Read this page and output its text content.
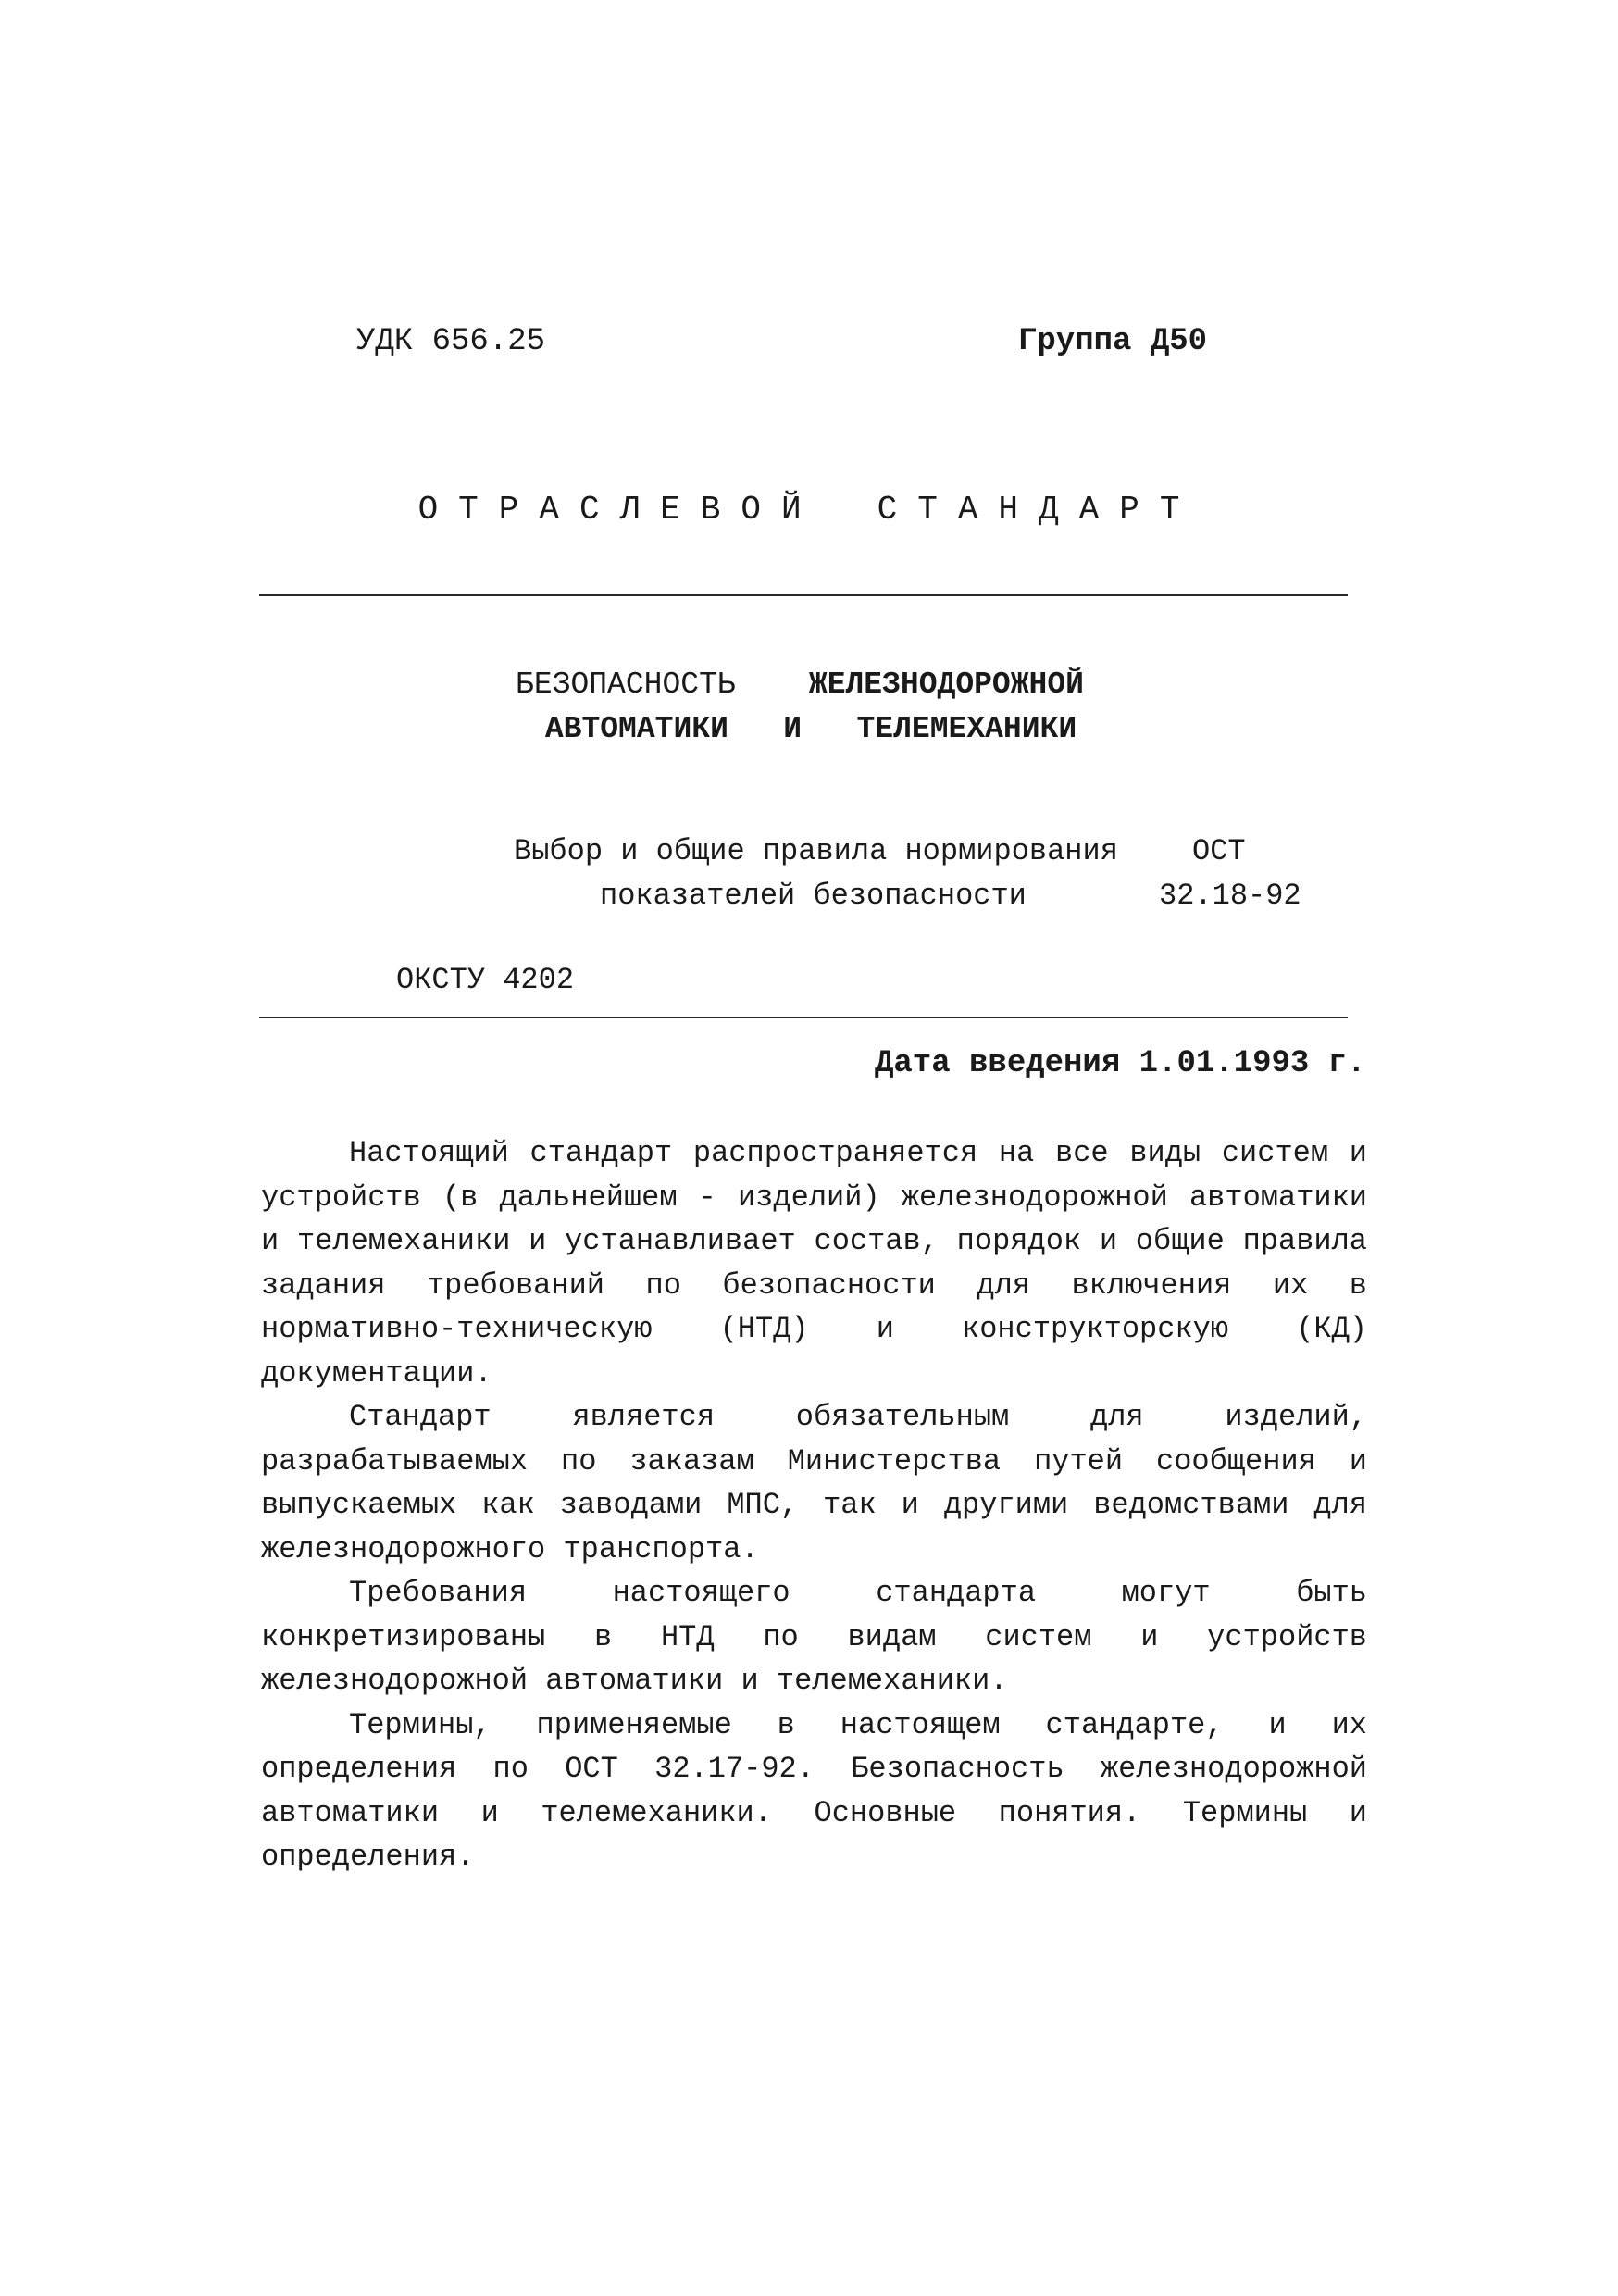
УДК 656.25	Группа Д50
ОТРАСЛЕВОЙ СТАНДАРТ
БЕЗОПАСНОСТЬ ЖЕЛЕЗНОДОРОЖНОЙ
АВТОМАТИКИ   И   ТЕЛЕМЕХАНИКИ
Выбор и общие правила нормирования
показателей безопасности
ОСТ
32.18-92
ОКСТУ 4202
Дата введения 1.01.1993 г.

Настоящий стандарт распространяется на все виды систем и устройств (в дальнейшем - изделий) железнодорожной автоматики и телемеханики и устанавливает состав, порядок и общие правила задания требований по безопасности для включения их в нормативно-техническую (НТД) и конструкторскую (КД) документации.

Стандарт является обязательным для изделий, разрабатываемых по заказам Министерства путей сообщения и выпускаемых как заводами МПС, так и другими ведомствами для железнодорожного транспорта.

Требования настоящего стандарта могут быть конкретизированы в НТД по видам систем и устройств железнодорожной автоматики и телемеханики.

Термины, применяемые в настоящем стандарте, и их определения по ОСТ 32.17-92. Безопасность железнодорожной автоматики и телемеханики. Основные понятия. Термины и определения.
